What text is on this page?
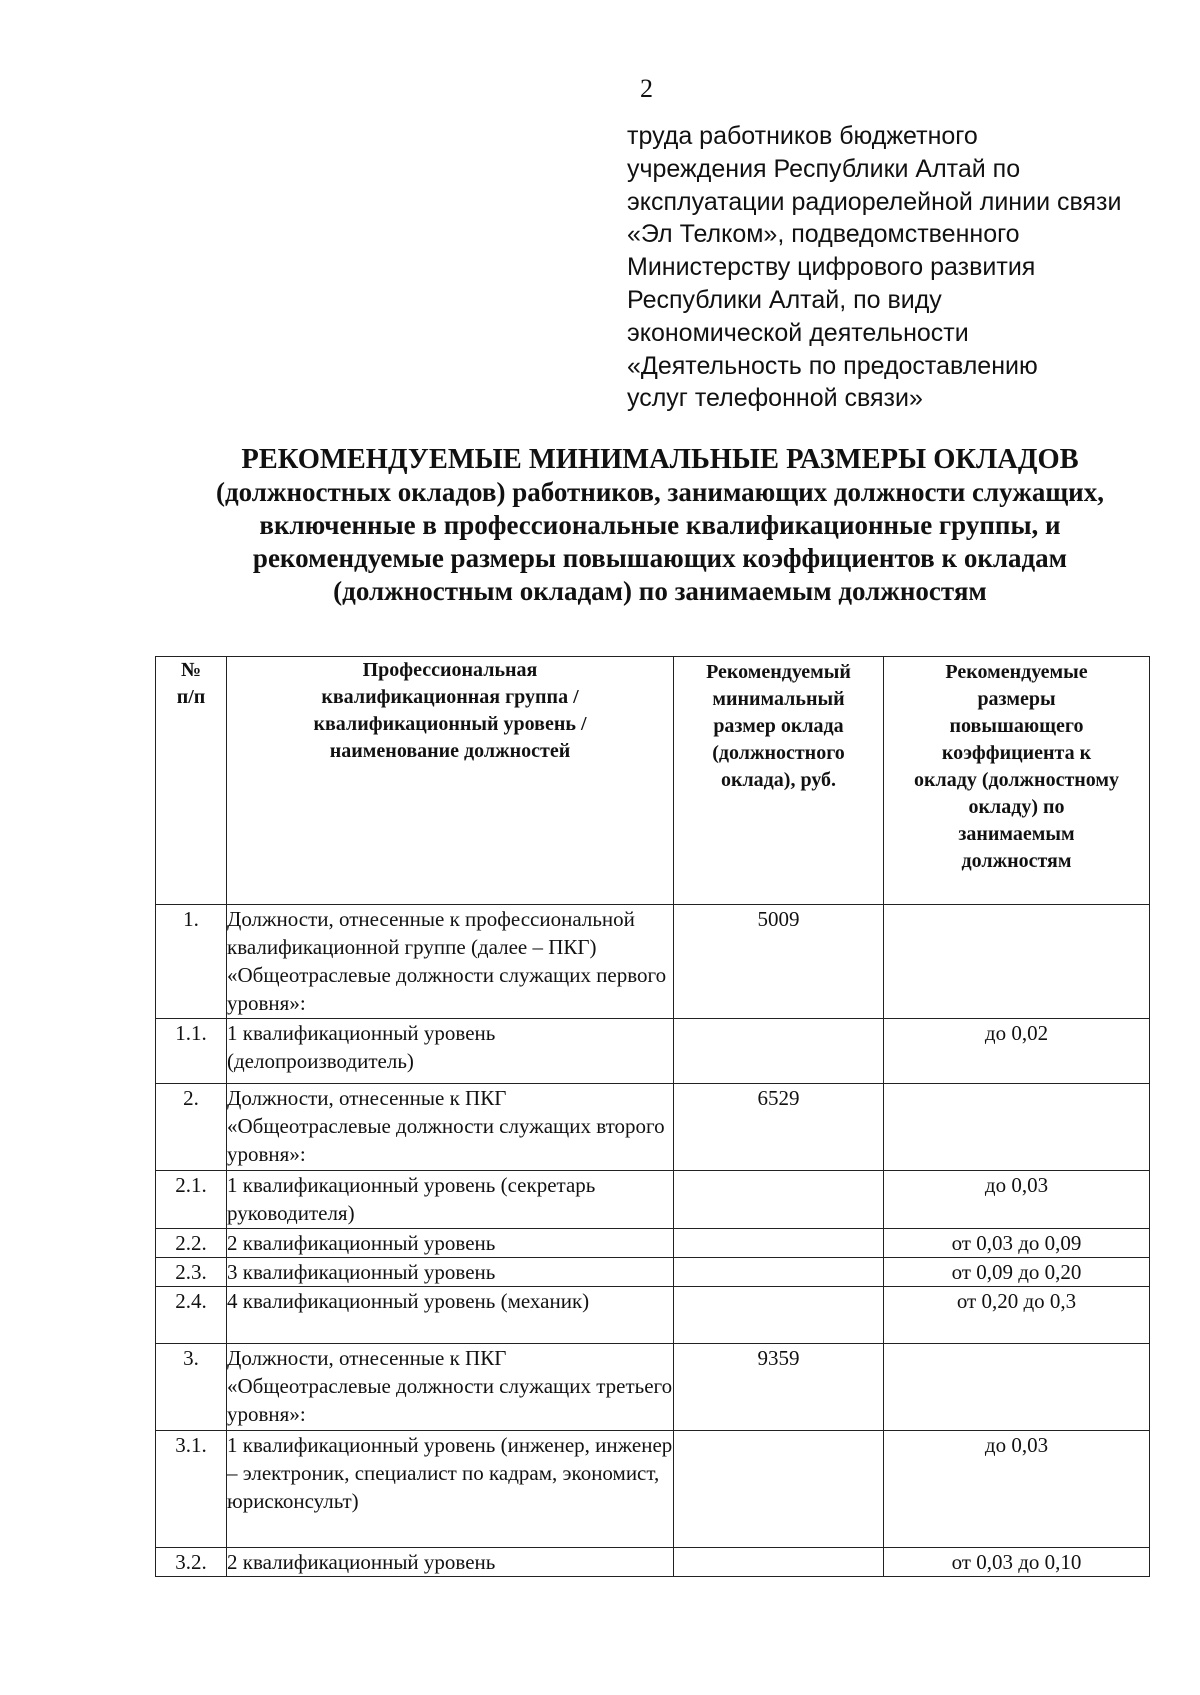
2
труда работников бюджетного
учреждения Республики Алтай по
эксплуатации радиорелейной линии связи
«Эл Телком», подведомственного
Министерству цифрового развития
Республики Алтай, по виду
экономической деятельности
«Деятельность по предоставлению
услуг телефонной связи»
РЕКОМЕНДУЕМЫЕ МИНИМАЛЬНЫЕ РАЗМЕРЫ ОКЛАДОВ
(должностных окладов) работников, занимающих должности служащих,
включенные в профессиональные квалификационные группы, и
рекомендуемые размеры повышающих коэффициентов к окладам
(должностным окладам) по занимаемым должностям
№ п/п	Профессиональная квалификационная группа / квалификационный уровень / наименование должностей	Рекомендуемый минимальный размер оклада (должностного оклада), руб.	Рекомендуемые размеры повышающего коэффициента к окладу (должностному окладу) по занимаемым должностям
1.	Должности, отнесенные к профессиональной квалификационной группе (далее – ПКГ) «Общеотраслевые должности служащих первого уровня»:	5009	
1.1.	1 квалификационный уровень (делопроизводитель)		до 0,02
2.	Должности, отнесенные к ПКГ «Общеотраслевые должности служащих второго уровня»:	6529	
2.1.	1 квалификационный уровень (секретарь руководителя)		до 0,03
2.2.	2 квалификационный уровень		от 0,03 до 0,09
2.3.	3 квалификационный уровень		от 0,09 до 0,20
2.4.	4 квалификационный уровень (механик)		от 0,20 до 0,3
3.	Должности, отнесенные к ПКГ «Общеотраслевые должности служащих третьего уровня»:	9359	
3.1.	1 квалификационный уровень (инженер, инженер – электроник, специалист по кадрам, экономист, юрисконсульт)		до 0,03
3.2.	2 квалификационный уровень		от 0,03 до 0,10
